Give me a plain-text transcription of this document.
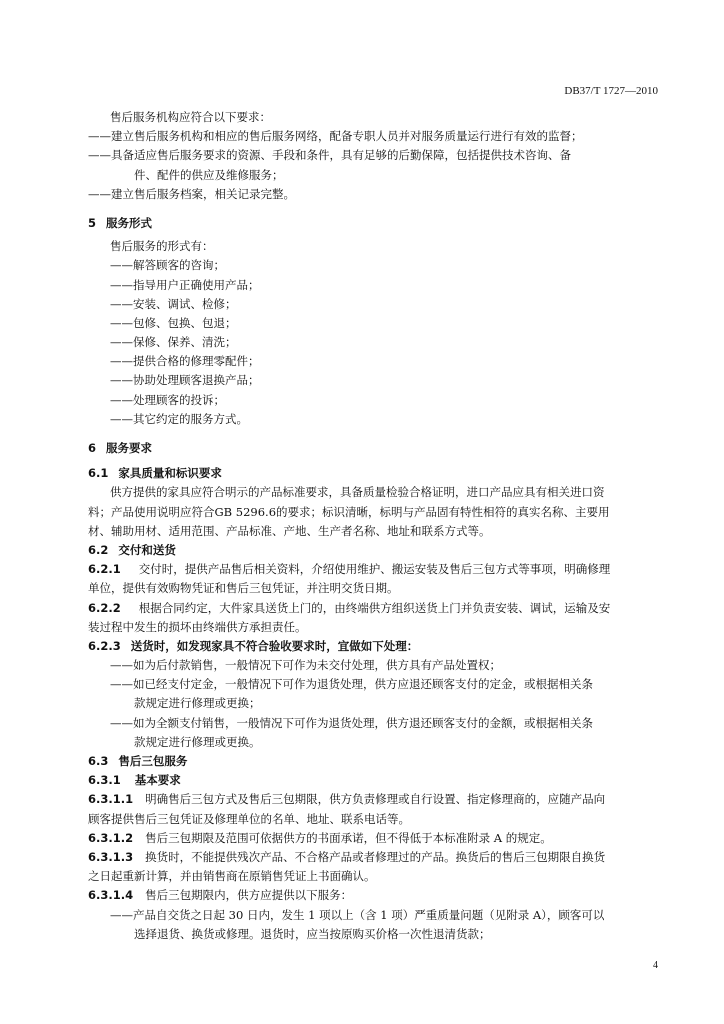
DB37/T 1727—2010
售后服务机构应符合以下要求：
——建立售后服务机构和相应的售后服务网络，配备专职人员并对服务质量运行进行有效的监督；
——具备适应售后服务要求的资源、手段和条件，具有足够的后勤保障，包括提供技术咨询、备
件、配件的供应及维修服务；
——建立售后服务档案，相关记录完整。
5 服务形式
售后服务的形式有：
——解答顾客的咨询；
——指导用户正确使用产品；
——安装、调试、检修；
——包修、包换、包退；
——保修、保养、清洗；
——提供合格的修理零配件；
——协助处理顾客退换产品；
——处理顾客的投诉；
——其它约定的服务方式。
6 服务要求
6.1 家具质量和标识要求
供方提供的家具应符合明示的产品标准要求，具备质量检验合格证明，进口产品应具有相关进口资
料；产品使用说明应符合GB 5296.6的要求；标识清晰，标明与产品固有特性相符的真实名称、主要用
材、辅助用材、适用范围、产品标准、产地、生产者名称、地址和联系方式等。
6.2 交付和送货
6.2.1 交付时，提供产品售后相关资料，介绍使用维护、搬运安装及售后三包方式等事项，明确修理
单位，提供有效购物凭证和售后三包凭证，并注明交货日期。
6.2.2 根据合同约定，大件家具送货上门的，由终端供方组织送货上门并负责安装、调试，运输及安
装过程中发生的损坏由终端供方承担责任。
6.2.3 送货时，如发现家具不符合验收要求时，宜做如下处理：
——如为后付款销售，一般情况下可作为未交付处理，供方具有产品处置权；
——如已经支付定金，一般情况下可作为退货处理，供方应退还顾客支付的定金，或根据相关条
款规定进行修理或更换；
——如为全额支付销售，一般情况下可作为退货处理，供方退还顾客支付的金额，或根据相关条
款规定进行修理或更换。
6.3 售后三包服务
6.3.1 基本要求
6.3.1.1 明确售后三包方式及售后三包期限，供方负责修理或自行设置、指定修理商的，应随产品向
顾客提供售后三包凭证及修理单位的名单、地址、联系电话等。
6.3.1.2 售后三包期限及范围可依据供方的书面承诺，但不得低于本标准附录 A 的规定。
6.3.1.3 换货时，不能提供残次产品、不合格产品或者修理过的产品。换货后的售后三包期限自换货
之日起重新计算，并由销售商在原销售凭证上书面确认。
6.3.1.4 售后三包期限内，供方应提供以下服务：
——产品自交货之日起 30 日内，发生 1 项以上（含 1 项）严重质量问题（见附录 A），顾客可以
选择退货、换货或修理。退货时，应当按原购买价格一次性退清货款；
4
